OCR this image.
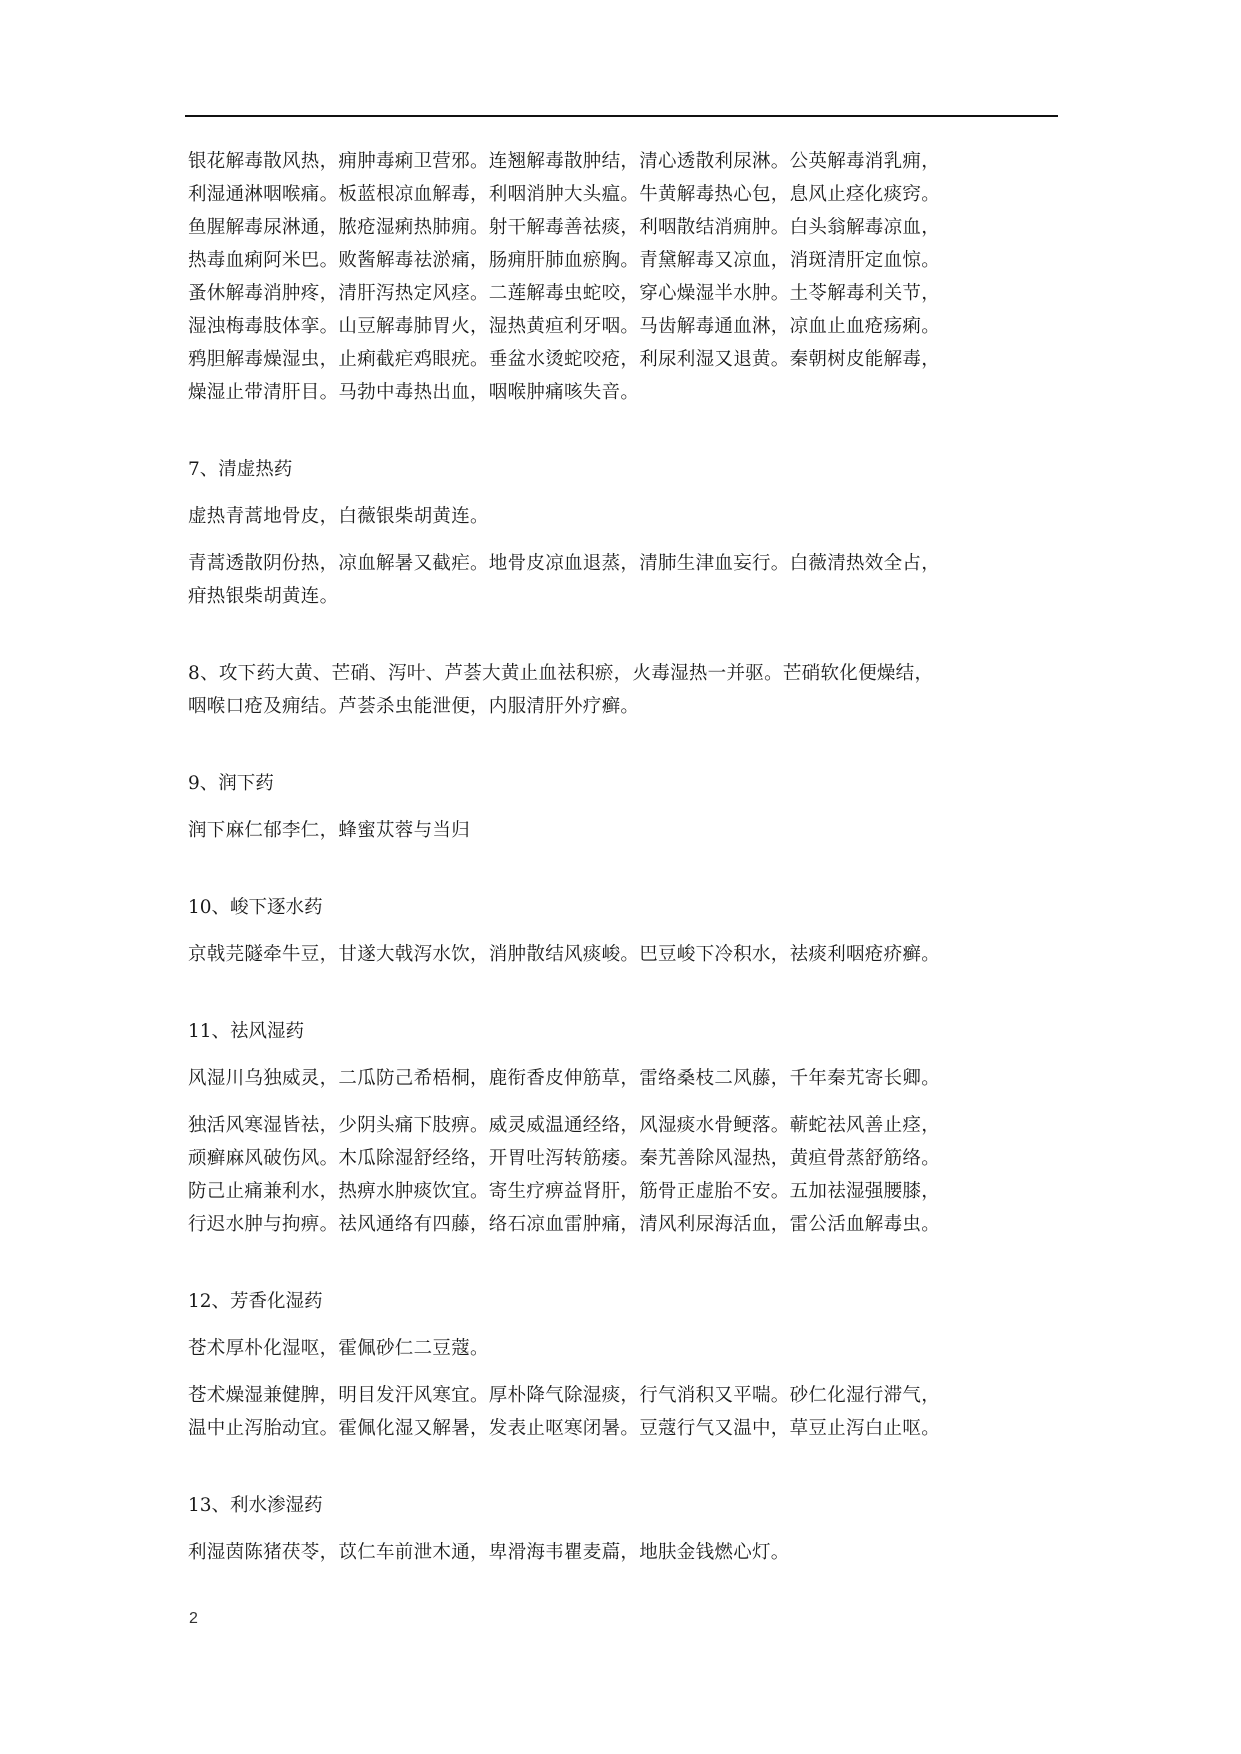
银花解毒散风热，痈肿毒痢卫营邪。连翘解毒散肿结，清心透散利尿淋。公英解毒消乳痈，
利湿通淋咽喉痛。板蓝根凉血解毒，利咽消肿大头瘟。牛黄解毒热心包，息风止痉化痰窍。
鱼腥解毒尿淋通，脓疮湿痢热肺痈。射干解毒善祛痰，利咽散结消痈肿。白头翁解毒凉血，
热毒血痢阿米巴。败酱解毒祛淤痛，肠痈肝肺血瘀胸。青黛解毒又凉血，消斑清肝定血惊。
蚤休解毒消肿疼，清肝泻热定风痉。二莲解毒虫蛇咬，穿心燥湿半水肿。土苓解毒利关节，
湿浊梅毒肢体挛。山豆解毒肺胃火，湿热黄疸利牙咽。马齿解毒通血淋，凉血止血疮疡痢。
鸦胆解毒燥湿虫，止痢截疟鸡眼疣。垂盆水烫蛇咬疮，利尿利湿又退黄。秦朝树皮能解毒，
燥湿止带清肝目。马勃中毒热出血，咽喉肿痛咳失音。

7、清虚热药

虚热青蒿地骨皮，白薇银柴胡黄连。

青蒿透散阴份热，凉血解暑又截疟。地骨皮凉血退蒸，清肺生津血妄行。白薇清热效全占，
疳热银柴胡黄连。

8、攻下药大黄、芒硝、泻叶、芦荟大黄止血祛积瘀，火毒湿热一并驱。芒硝软化便燥结，
咽喉口疮及痈结。芦荟杀虫能泄便，内服清肝外疗癣。

9、润下药

润下麻仁郁李仁，蜂蜜苁蓉与当归

10、峻下逐水药

京戟芫隧牵牛豆，甘遂大戟泻水饮，消肿散结风痰峻。巴豆峻下冷积水，祛痰利咽疮疥癣。

11、祛风湿药

风湿川乌独威灵，二瓜防己希梧桐，鹿衔香皮伸筋草，雷络桑枝二风藤，千年秦艽寄长卿。

独活风寒湿皆祛，少阴头痛下肢痹。威灵威温通经络，风湿痰水骨鲠落。蕲蛇祛风善止痉，
顽癣麻风破伤风。木瓜除湿舒经络，开胃吐泻转筋痿。秦艽善除风湿热，黄疸骨蒸舒筋络。
防己止痛兼利水，热痹水肿痰饮宜。寄生疗痹益肾肝，筋骨正虚胎不安。五加祛湿强腰膝，
行迟水肿与拘痹。祛风通络有四藤，络石凉血雷肿痛，清风利尿海活血，雷公活血解毒虫。

12、芳香化湿药

苍术厚朴化湿呕，霍佩砂仁二豆蔻。

苍术燥湿兼健脾，明目发汗风寒宜。厚朴降气除湿痰，行气消积又平喘。砂仁化湿行滞气，
温中止泻胎动宜。霍佩化湿又解暑，发表止呕寒闭暑。豆蔻行气又温中，草豆止泻白止呕。

13、利水渗湿药

利湿茵陈猪茯苓，苡仁车前泄木通，卑滑海韦瞿麦萹，地肤金钱燃心灯。

2
